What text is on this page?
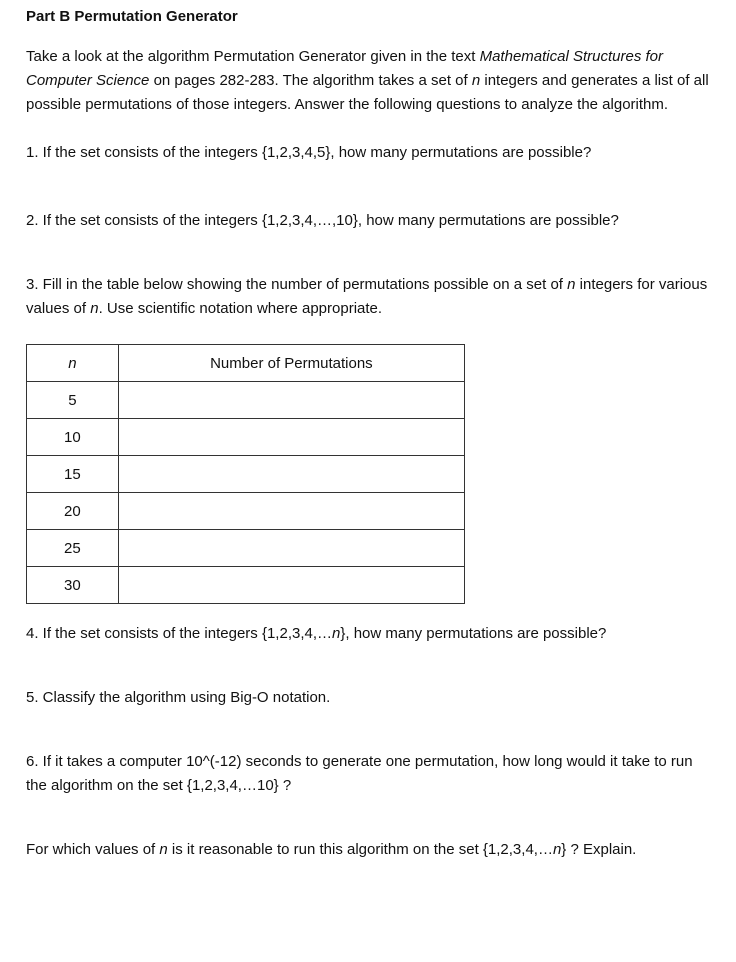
Part B Permutation Generator
Take a look at the algorithm Permutation Generator given in the text Mathematical Structures for Computer Science on pages 282-283. The algorithm takes a set of n integers and generates a list of all possible permutations of those integers. Answer the following questions to analyze the algorithm.
1. If the set consists of the integers {1,2,3,4,5}, how many permutations are possible?
2. If the set consists of the integers {1,2,3,4,…,10}, how many permutations are possible?
3. Fill in the table below showing the number of permutations possible on a set of n integers for various values of n. Use scientific notation where appropriate.
n	Number of Permutations
5	
10	
15	
20	
25	
30	
4. If the set consists of the integers {1,2,3,4,…n}, how many permutations are possible?
5. Classify the algorithm using Big-O notation.
6. If it takes a computer 10^(-12) seconds to generate one permutation, how long would it take to run the algorithm on the set {1,2,3,4,…10} ?
For which values of n is it reasonable to run this algorithm on the set {1,2,3,4,…n} ? Explain.
